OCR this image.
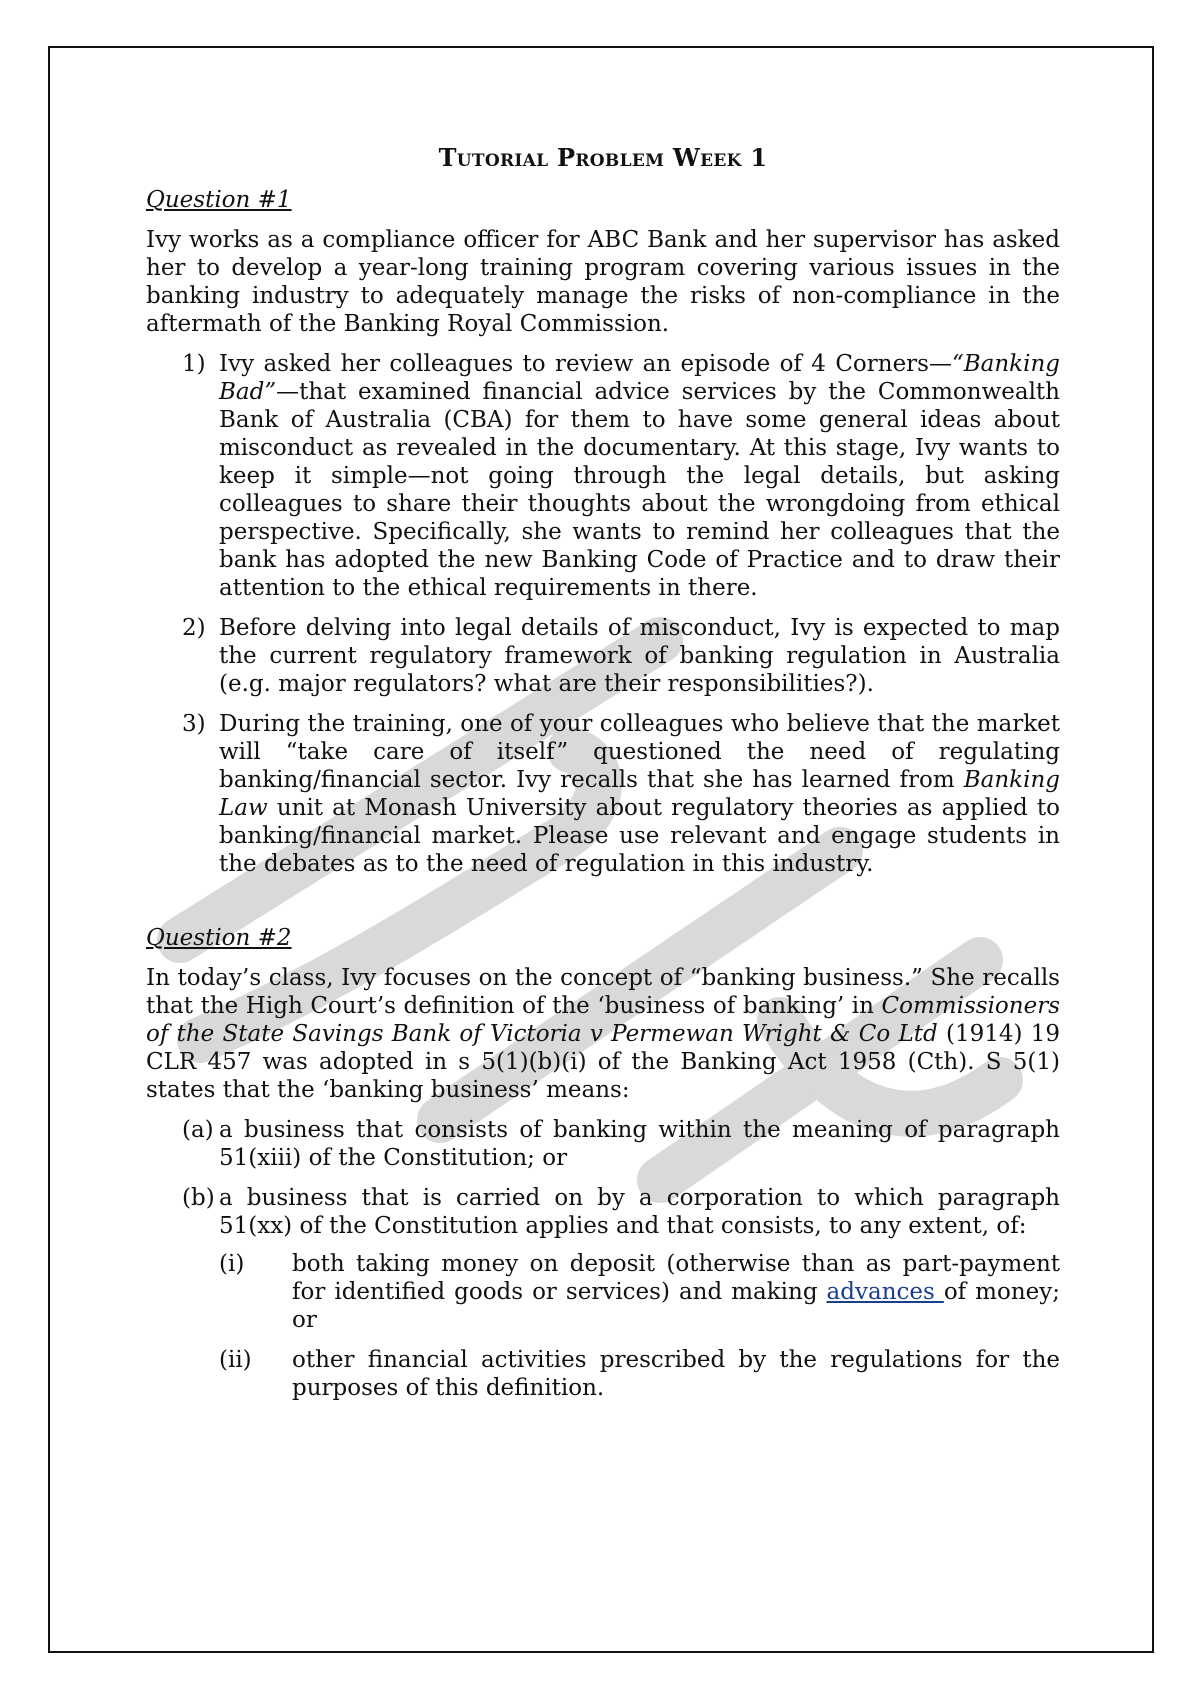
Tutorial Problem Week 1
Question #1

Ivy works as a compliance officer for ABC Bank and her supervisor has asked her to develop a year-long training program covering various issues in the banking industry to adequately manage the risks of non-compliance in the aftermath of the Banking Royal Commission.

1) Ivy asked her colleagues to review an episode of 4 Corners—“Banking Bad”—that examined financial advice services by the Commonwealth Bank of Australia (CBA) for them to have some general ideas about misconduct as revealed in the documentary. At this stage, Ivy wants to keep it simple—not going through the legal details, but asking colleagues to share their thoughts about the wrongdoing from ethical perspective. Specifically, she wants to remind her colleagues that the bank has adopted the new Banking Code of Practice and to draw their attention to the ethical requirements in there.
2) Before delving into legal details of misconduct, Ivy is expected to map the current regulatory framework of banking regulation in Australia (e.g. major regulators? what are their responsibilities?).
3) During the training, one of your colleagues who believe that the market will “take care of itself” questioned the need of regulating banking/financial sector. Ivy recalls that she has learned from Banking Law unit at Monash University about regulatory theories as applied to banking/financial market. Please use relevant and engage students in the debates as to the need of regulation in this industry.
Question #2

In today’s class, Ivy focuses on the concept of “banking business.” She recalls that the High Court’s definition of the ‘business of banking’ in Commissioners of the State Savings Bank of Victoria v Permewan Wright & Co Ltd (1914) 19 CLR 457 was adopted in s 5(1)(b)(i) of the Banking Act 1958 (Cth). S 5(1) states that the ‘banking business’ means:

(a) a business that consists of banking within the meaning of paragraph 51(xiii) of the Constitution; or
(b) a business that is carried on by a corporation to which paragraph 51(xx) of the Constitution applies and that consists, to any extent, of:
(i) both taking money on deposit (otherwise than as part-payment for identified goods or services) and making advances of money; or
(ii) other financial activities prescribed by the regulations for the purposes of this definition.
